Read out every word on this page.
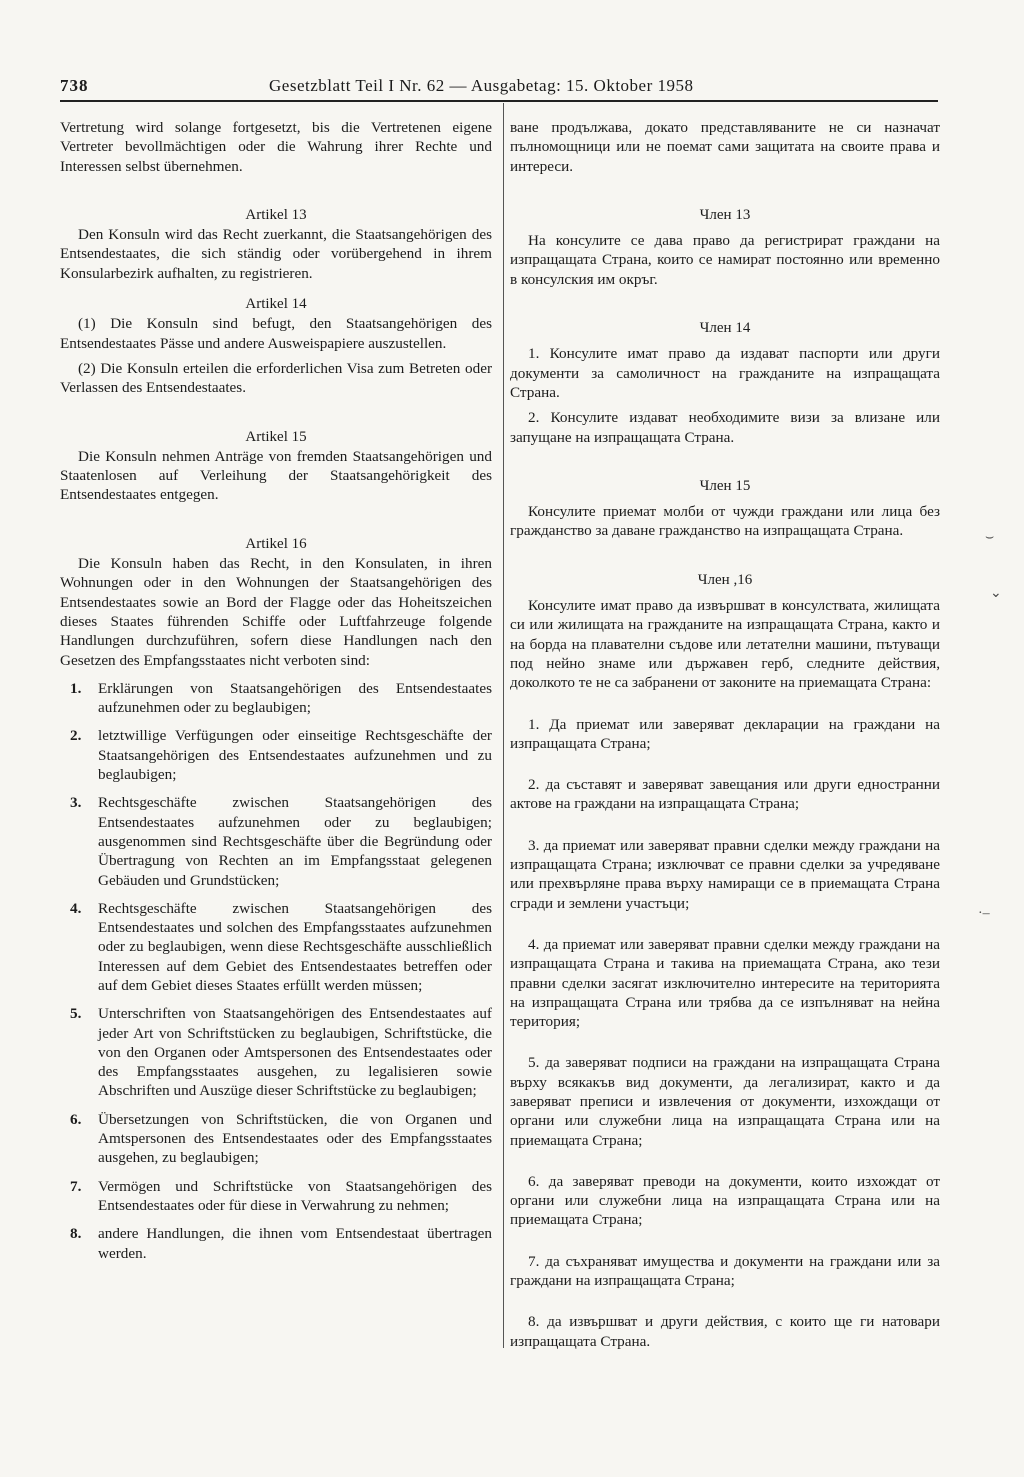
738	Gesetzblatt Teil I Nr. 62 — Ausgabetag: 15. Oktober 1958

Vertretung wird solange fortgesetzt, bis die Vertretenen eigene Vertreter bevollmächtigen oder die Wahrung ihrer Rechte und Interessen selbst übernehmen.

Artikel 13

Den Konsuln wird das Recht zuerkannt, die Staatsangehörigen des Entsendestaates, die sich ständig oder vorübergehend in ihrem Konsularbezirk aufhalten, zu registrieren.

Artikel 14

(1) Die Konsuln sind befugt, den Staatsangehörigen des Entsendestaates Pässe und andere Ausweispapiere auszustellen.

(2) Die Konsuln erteilen die erforderlichen Visa zum Betreten oder Verlassen des Entsendestaates.

Artikel 15

Die Konsuln nehmen Anträge von fremden Staatsangehörigen und Staatenlosen auf Verleihung der Staatsangehörigkeit des Entsendestaates entgegen.

Artikel 16

Die Konsuln haben das Recht, in den Konsulaten, in ihren Wohnungen oder in den Wohnungen der Staatsangehörigen des Entsendestaates sowie an Bord der Flagge oder das Hoheitszeichen dieses Staates führenden Schiffe oder Luftfahrzeuge folgende Handlungen durchzuführen, sofern diese Handlungen nach den Gesetzen des Empfangsstaates nicht verboten sind:

1. Erklärungen von Staatsangehörigen des Entsendestaates aufzunehmen oder zu beglaubigen;
2. letztwillige Verfügungen oder einseitige Rechtsgeschäfte der Staatsangehörigen des Entsendestaates aufzunehmen und zu beglaubigen;
3. Rechtsgeschäfte zwischen Staatsangehörigen des Entsendestaates aufzunehmen oder zu beglaubigen; ausgenommen sind Rechtsgeschäfte über die Begründung oder Übertragung von Rechten an im Empfangsstaat gelegenen Gebäuden und Grundstücken;
4. Rechtsgeschäfte zwischen Staatsangehörigen des Entsendestaates und solchen des Empfangsstaates aufzunehmen oder zu beglaubigen, wenn diese Rechtsgeschäfte ausschließlich Interessen auf dem Gebiet des Entsendestaates betreffen oder auf dem Gebiet dieses Staates erfüllt werden müssen;
5. Unterschriften von Staatsangehörigen des Entsendestaates auf jeder Art von Schriftstücken zu beglaubigen, Schriftstücke, die von den Organen oder Amtspersonen des Entsendestaates oder des Empfangsstaates ausgehen, zu legalisieren sowie Abschriften und Auszüge dieser Schriftstücke zu beglaubigen;
6. Übersetzungen von Schriftstücken, die von Organen und Amtspersonen des Entsendestaates oder des Empfangsstaates ausgehen, zu beglaubigen;
7. Vermögen und Schriftstücke von Staatsangehörigen des Entsendestaates oder für diese in Verwahrung zu nehmen;
8. andere Handlungen, die ihnen vom Entsendestaat übertragen werden.

ване продължава, докато представляваните не си назначат пълномощници или не поемат сами защитата на своите права и интереси.

Член 13

На консулите се дава право да регистрират граждани на изпращащата Страна, които се намират постоянно или временно в консулския им окръг.

Член 14

1. Консулите имат право да издават паспорти или други документи за самоличност на гражданите на изпращащата Страна.

2. Консулите издават необходимите визи за влизане или запущане на изпращащата Страна.

Член 15

Консулите приемат молби от чужди граждани или лица без гражданство за даване гражданство на изпращащата Страна.

Член ,16

Консулите имат право да извършват в консулствата, жилищата си или жилищата на гражданите на изпращащата Страна, както и на борда на плавателни съдове или летателни машини, пътуващи под нейно знаме или държавен герб, следните действия, доколкото те не са забранени от законите на приемащата Страна:

1. Да приемат или заверяват декларации на граждани на изпращащата Страна;

2. да съставят и заверяват завещания или други едностранни актове на граждани на изпращащата Страна;

3. да приемат или заверяват правни сделки между граждани на изпращащата Страна; изключват се правни сделки за учредяване или прехвърляне права върху намиращи се в приемащата Страна сгради и землени участъци;

4. да приемат или заверяват правни сделки между граждани на изпращащата Страна и такива на приемащата Страна, ако тези правни сделки засягат изключително интересите на територията на изпращащата Страна или трябва да се изпълняват на нейна територия;

5. да заверяват подписи на граждани на изпращащата Страна върху всякакъв вид документи, да легализират, както и да заверяват преписи и извлечения от документи, изхождащи от органи или служебни лица на изпращащата Страна или на приемащата Страна;

6. да заверяват преводи на документи, които изхождат от органи или служебни лица на изпращащата Страна или на приемащата Страна;

7. да съхраняват имущества и документи на граждани или за граждани на изпращащата Страна;

8. да извършват и други действия, с които ще ги натовари изпращащата Страна.

⌣
⌄
·–
